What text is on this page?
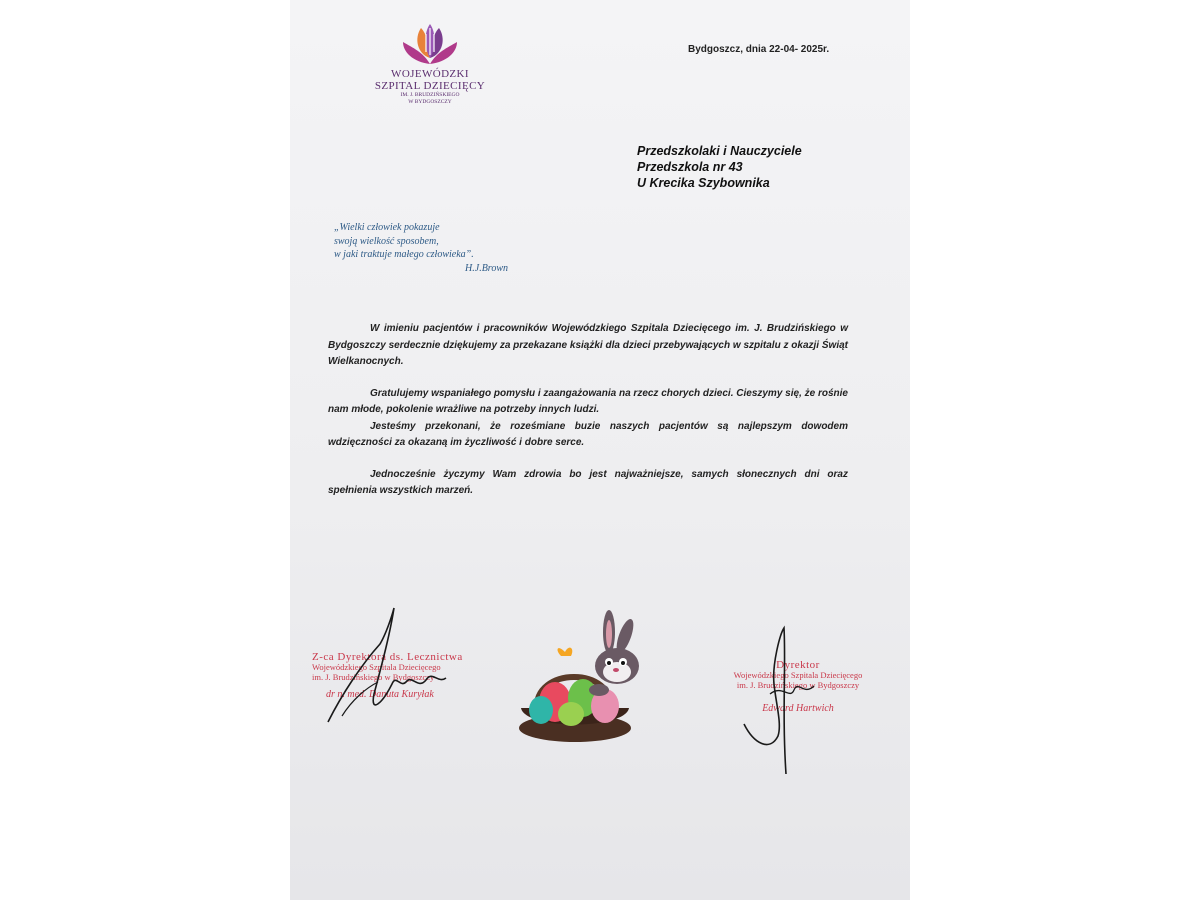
WOJEWÓDZKI
SZPITAL DZIECIĘCY
IM. J. BRUDZIŃSKIEGO
W BYDGOSZCZY
Bydgoszcz, dnia 22-04- 2025r.
Przedszkolaki i Nauczyciele
Przedszkola nr 43
U Krecika Szybownika
„Wielki człowiek pokazuje
swoją wielkość sposobem,
w jaki traktuje małego człowieka”.
H.J.Brown

W imieniu pacjentów i pracowników Wojewódzkiego Szpitala Dziecięcego im. J. Brudzińskiego w Bydgoszczy serdecznie dziękujemy za przekazane książki dla dzieci przebywających w szpitalu z okazji Świąt Wielkanocnych.

Gratulujemy wspaniałego pomysłu i zaangażowania na rzecz chorych dzieci. Cieszymy się, że rośnie nam młode, pokolenie wrażliwe na potrzeby innych ludzi.

Jesteśmy przekonani, że roześmiane buzie naszych pacjentów są najlepszym dowodem wdzięczności za okazaną im życzliwość i dobre serce.

Jednocześnie życzymy Wam zdrowia bo jest najważniejsze, samych słonecznych dni oraz spełnienia wszystkich marzeń.

Z-ca Dyrektora ds. Lecznictwa
Wojewódzkiego Szpitala Dziecięcego
im. J. Brudzińskiego w Bydgoszczy
dr n. med. Danuta Kuryłak
Dyrektor
Wojewódzkiego Szpitala Dziecięcego
im. J. Brudzińskiego w Bydgoszczy
Edward Hartwich
